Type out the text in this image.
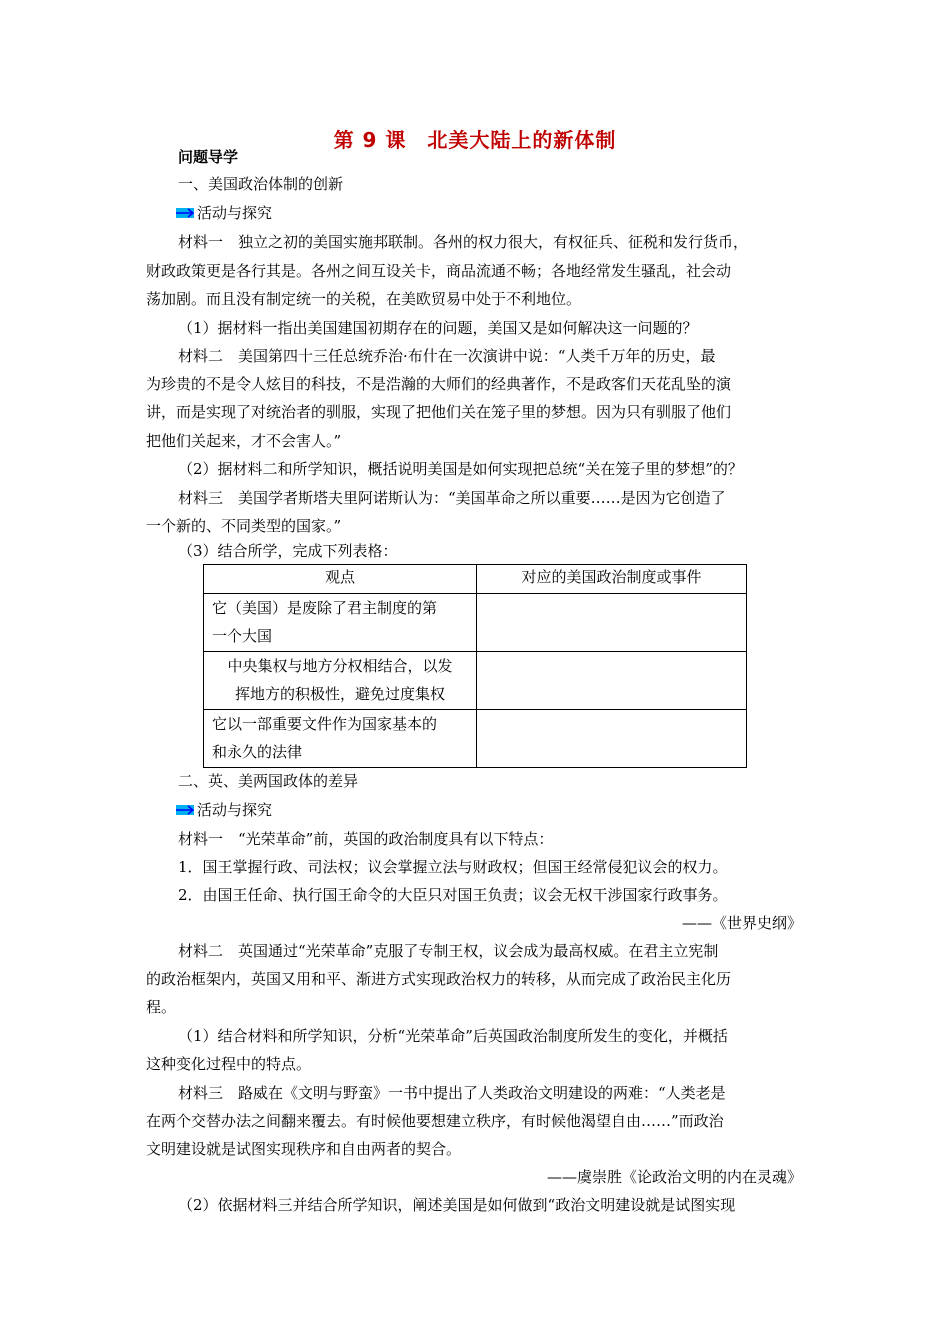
第 9 课　北美大陆上的新体制
问题导学
一、美国政治体制的创新
活动与探究
材料一　独立之初的美国实施邦联制。各州的权力很大，有权征兵、征税和发行货币，
财政政策更是各行其是。各州之间互设关卡，商品流通不畅；各地经常发生骚乱，社会动
荡加剧。而且没有制定统一的关税，在美欧贸易中处于不利地位。
（1）据材料一指出美国建国初期存在的问题，美国又是如何解决这一问题的？
材料二　美国第四十三任总统乔治·布什在一次演讲中说：“人类千万年的历史，最
为珍贵的不是令人炫目的科技，不是浩瀚的大师们的经典著作，不是政客们天花乱坠的演
讲，而是实现了对统治者的驯服，实现了把他们关在笼子里的梦想。因为只有驯服了他们
把他们关起来，才不会害人。”
（2）据材料二和所学知识，概括说明美国是如何实现把总统“关在笼子里的梦想”的？
材料三　美国学者斯塔夫里阿诺斯认为：“美国革命之所以重要……是因为它创造了
一个新的、不同类型的国家。”
（3）结合所学，完成下列表格：
观点	对应的美国政治制度或事件

它（美国）是废除了君主制度的第
一个大国	

中央集权与地方分权相结合，以发
挥地方的积极性，避免过度集权	

它以一部重要文件作为国家基本的
和永久的法律	

二、英、美两国政体的差异
活动与探究
材料一　“光荣革命”前，英国的政治制度具有以下特点：
1．国王掌握行政、司法权；议会掌握立法与财政权；但国王经常侵犯议会的权力。
2．由国王任命、执行国王命令的大臣只对国王负责；议会无权干涉国家行政事务。
——《世界史纲》
材料二　英国通过“光荣革命”克服了专制王权，议会成为最高权威。在君主立宪制
的政治框架内，英国又用和平、渐进方式实现政治权力的转移，从而完成了政治民主化历
程。
（1）结合材料和所学知识，分析“光荣革命”后英国政治制度所发生的变化，并概括
这种变化过程中的特点。
材料三　路威在《文明与野蛮》一书中提出了人类政治文明建设的两难：“人类老是
在两个交替办法之间翻来覆去。有时候他要想建立秩序，有时候他渴望自由……”而政治
文明建设就是试图实现秩序和自由两者的契合。
——虞崇胜《论政治文明的内在灵魂》
（2）依据材料三并结合所学知识，阐述美国是如何做到“政治文明建设就是试图实现
